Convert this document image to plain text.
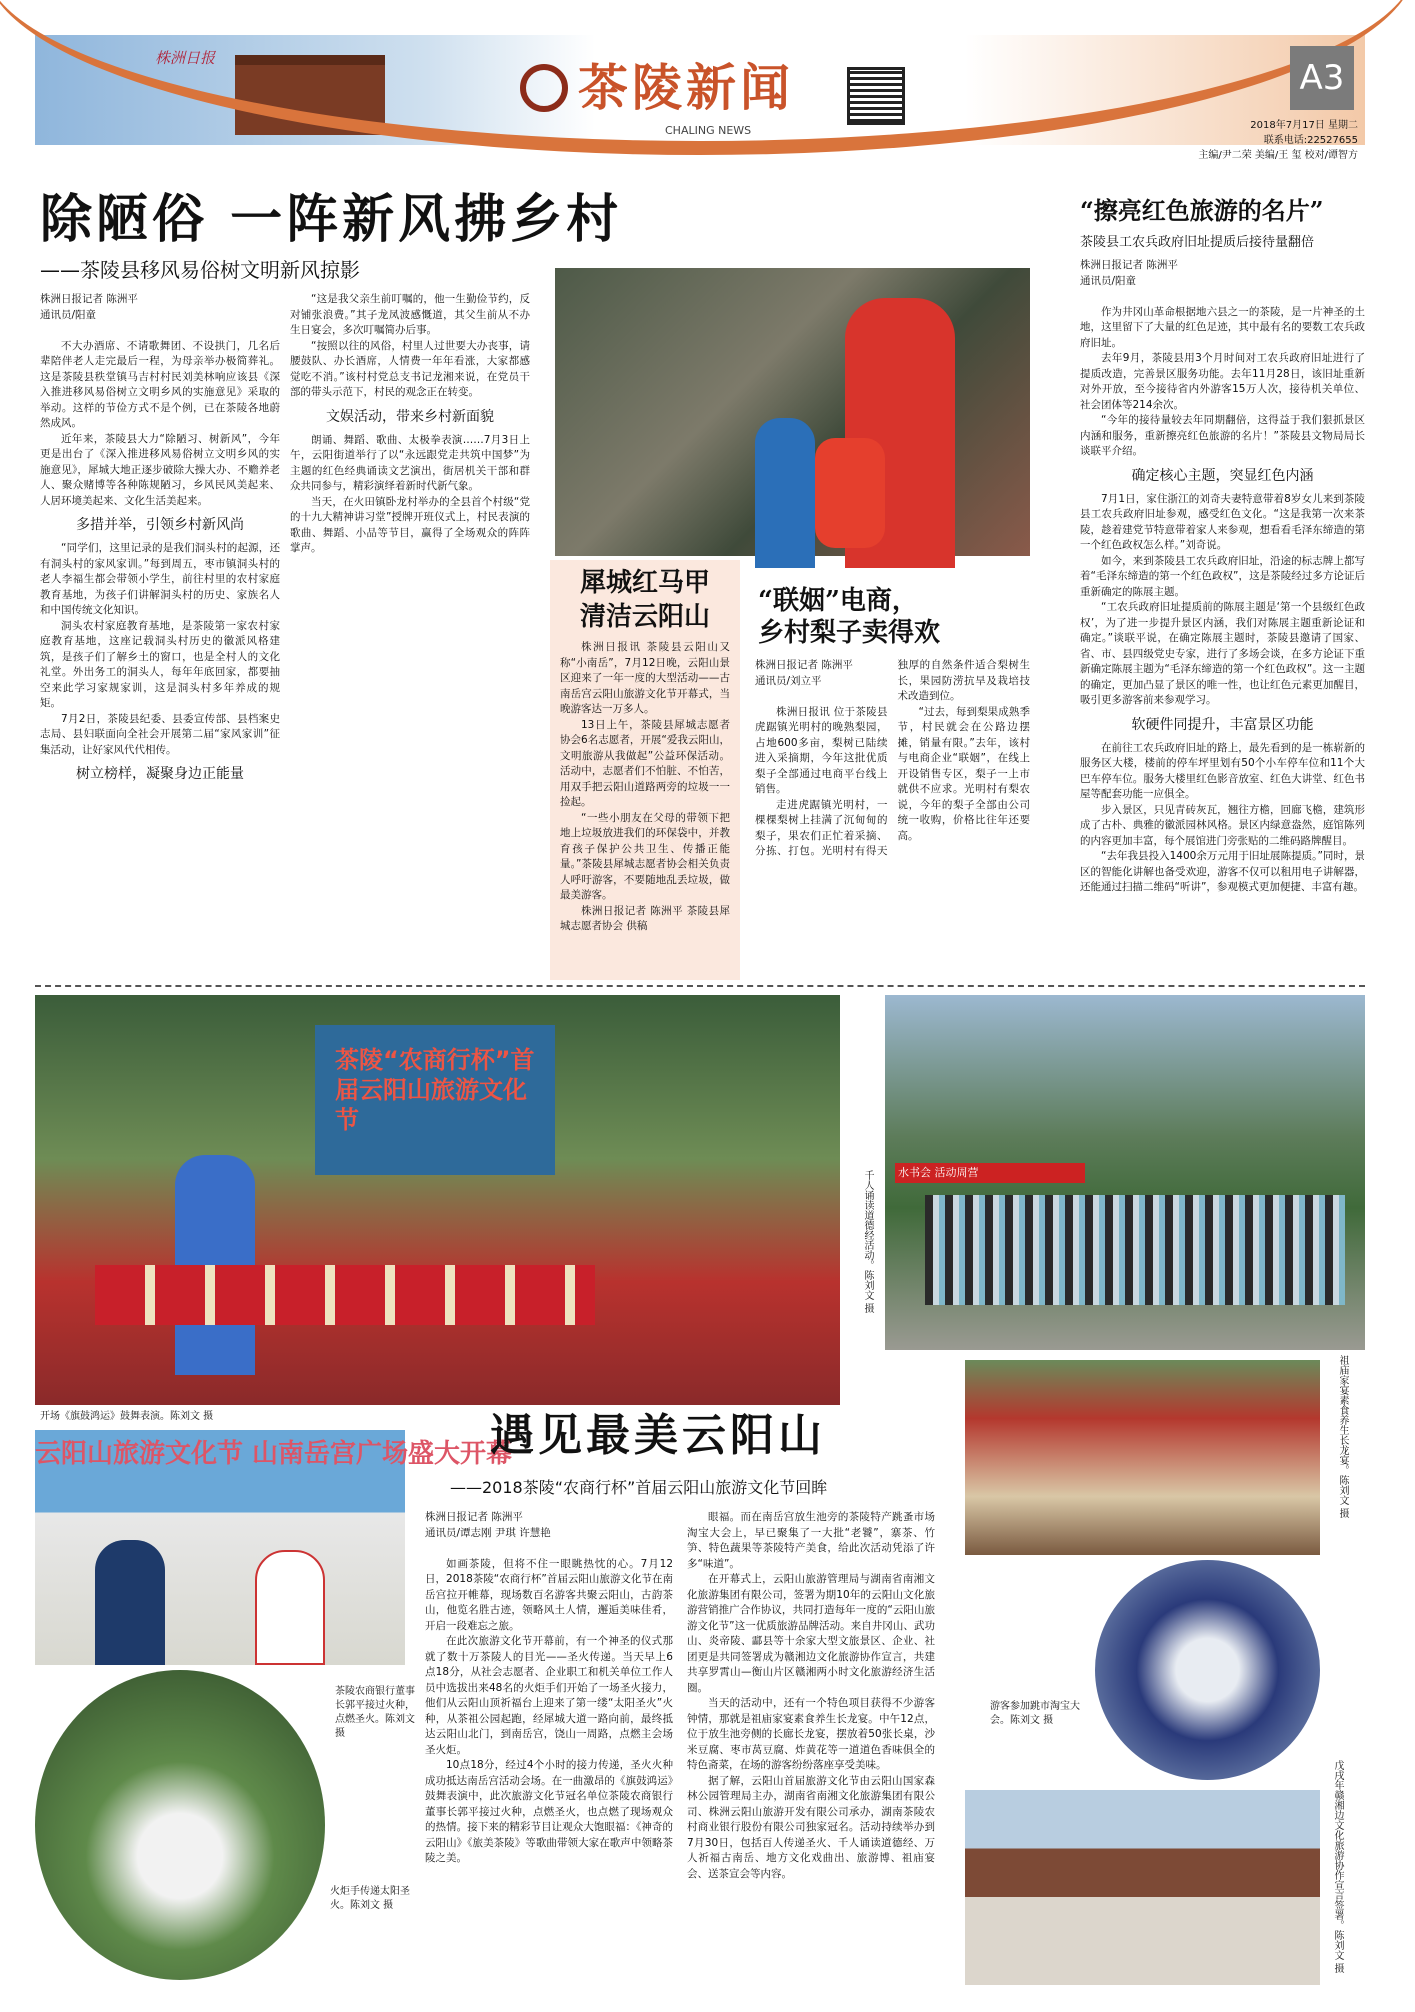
株洲日报
茶陵新闻
CHALING NEWS
A3
2018年7月17日 星期二
联系电话:22527655
主编/尹二荣 美编/王 玺 校对/谭智方
除陋俗 一阵新风拂乡村
——茶陵县移风易俗树文明新风掠影
株洲日报记者 陈洲平
通讯员/阳童

不大办酒席、不请歌舞团、不设拱门，几名后辈陪伴老人走完最后一程，为母亲举办极简葬礼。这是茶陵县秩堂镇马吉村村民刘美林响应该县《深入推进移风易俗树立文明乡风的实施意见》采取的举动。这样的节俭方式不是个例，已在茶陵各地蔚然成风。

近年来，茶陵县大力“除陋习、树新风”，今年更是出台了《深入推进移风易俗树立文明乡风的实施意见》，犀城大地正逐步破除大操大办、不赡养老人、聚众赌博等各种陈规陋习，乡风民风美起来、人居环境美起来、文化生活美起来。

多措并举，引领乡村新风尚

“同学们，这里记录的是我们洞头村的起源，还有洞头村的家风家训。”每到周五，枣市镇洞头村的老人李福生都会带领小学生，前往村里的农村家庭教育基地，为孩子们讲解洞头村的历史、家族名人和中国传统文化知识。

洞头农村家庭教育基地，是茶陵第一家农村家庭教育基地，这座记载洞头村历史的徽派风格建筑，是孩子们了解乡土的窗口，也是全村人的文化礼堂。外出务工的洞头人，每年年底回家，都要抽空来此学习家规家训，这是洞头村多年养成的规矩。

7月2日，茶陵县纪委、县委宣传部、县档案史志局、县妇联面向全社会开展第二届“家风家训”征集活动，让好家风代代相传。

树立榜样，凝聚身边正能量

“这是我父亲生前叮嘱的，他一生勤俭节约，反对铺张浪费。”其子龙凤波感慨道，其父生前从不办生日宴会，多次叮嘱简办后事。

“按照以往的风俗，村里人过世要大办丧事，请腰鼓队、办长酒席，人情费一年年看涨，大家都感觉吃不消。”该村村党总支书记龙湘来说，在党员干部的带头示范下，村民的观念正在转变。

文娱活动，带来乡村新面貌

朗诵、舞蹈、歌曲、太极拳表演……7月3日上午，云阳街道举行了以“永远跟党走共筑中国梦”为主题的红色经典诵读文艺演出，街居机关干部和群众共同参与，精彩演绎着新时代新气象。

当天，在火田镇卧龙村举办的全县首个村级“党的十九大精神讲习堂”授牌开班仪式上，村民表演的歌曲、舞蹈、小品等节目，赢得了全场观众的阵阵掌声。

犀城红马甲
清洁云阳山

株洲日报讯 茶陵县云阳山又称“小南岳”，7月12日晚，云阳山景区迎来了一年一度的大型活动——古南岳宫云阳山旅游文化节开幕式，当晚游客达一万多人。

13日上午，茶陵县犀城志愿者协会6名志愿者，开展“爱我云阳山，文明旅游从我做起”公益环保活动。活动中，志愿者们不怕脏、不怕苦，用双手把云阳山道路两旁的垃圾一一捡起。

“一些小朋友在父母的带领下把地上垃圾放进我们的环保袋中，并教育孩子保护公共卫生、传播正能量。”茶陵县犀城志愿者协会相关负责人呼吁游客，不要随地乱丢垃圾，做最美游客。

株洲日报记者 陈洲平 茶陵县犀城志愿者协会 供稿

“联姻”电商，
乡村梨子卖得欢
株洲日报记者 陈洲平
通讯员/刘立平

株洲日报讯 位于茶陵县虎踞镇光明村的晚熟梨园，占地600多亩，梨树已陆续进入采摘期，今年这批优质梨子全部通过电商平台线上销售。

走进虎踞镇光明村，一棵棵梨树上挂满了沉甸甸的梨子，果农们正忙着采摘、分拣、打包。光明村有得天独厚的自然条件适合梨树生长，果园防涝抗旱及栽培技术改造到位。

“过去，每到梨果成熟季节，村民就会在公路边摆摊，销量有限。”去年，该村与电商企业“联姻”，在线上开设销售专区，梨子一上市就供不应求。光明村有梨农说，今年的梨子全部由公司统一收购，价格比往年还要高。

“擦亮红色旅游的名片”
茶陵县工农兵政府旧址提质后接待量翻倍
株洲日报记者 陈洲平
通讯员/阳童

作为井冈山革命根据地六县之一的茶陵，是一片神圣的土地，这里留下了大量的红色足迹，其中最有名的要数工农兵政府旧址。

去年9月，茶陵县用3个月时间对工农兵政府旧址进行了提质改造，完善景区服务功能。去年11月28日，该旧址重新对外开放，至今接待省内外游客15万人次，接待机关单位、社会团体等214余次。

“今年的接待量较去年同期翻倍，这得益于我们狠抓景区内涵和服务，重新擦亮红色旅游的名片！”茶陵县文物局局长谈联平介绍。

确定核心主题，突显红色内涵

7月1日，家住浙江的刘奇夫妻特意带着8岁女儿来到茶陵县工农兵政府旧址参观，感受红色文化。“这是我第一次来茶陵，趁着建党节特意带着家人来参观，想看看毛泽东缔造的第一个红色政权怎么样。”刘奇说。

如今，来到茶陵县工农兵政府旧址，沿途的标志牌上都写着“毛泽东缔造的第一个红色政权”，这是茶陵经过多方论证后重新确定的陈展主题。

“工农兵政府旧址提质前的陈展主题是‘第一个县级红色政权’，为了进一步提升景区内涵，我们对陈展主题重新论证和确定。”谈联平说，在确定陈展主题时，茶陵县邀请了国家、省、市、县四级党史专家，进行了多场会谈，在多方论证下重新确定陈展主题为“毛泽东缔造的第一个红色政权”。这一主题的确定，更加凸显了景区的唯一性，也让红色元素更加醒目，吸引更多游客前来参观学习。

软硬件同提升，丰富景区功能

在前往工农兵政府旧址的路上，最先看到的是一栋崭新的服务区大楼，楼前的停车坪里划有50个小车停车位和11个大巴车停车位。服务大楼里红色影音放室、红色大讲堂、红色书屋等配套功能一应俱全。

步入景区，只见青砖灰瓦，翘往方檐，回廊飞檐，建筑形成了古朴、典雅的徽派园林风格。景区内绿意盎然，庭馆陈列的内容更加丰富，每个展馆进门旁张贴的二维码路牌醒目。

“去年我县投入1400余万元用于旧址展陈提质。”同时，景区的智能化讲解也备受欢迎，游客不仅可以租用电子讲解器，还能通过扫描二维码“听讲”，参观模式更加便捷、丰富有趣。

茶陵“农商行杯”首届云阳山旅游文化节
开场《旗鼓鸿运》鼓舞表演。陈刘文 摄
千人诵读道德经活动。陈刘文 摄 水书会 活动周营
祖庙家宴素食养生长龙宴。陈刘文 摄
云阳山旅游文化节 山南岳宫广场盛大开幕
茶陵农商银行董事长郭平接过火种，点燃圣火。陈刘文 摄
火炬手传递太阳圣火。陈刘文 摄
遇见最美云阳山
——2018茶陵“农商行杯”首届云阳山旅游文化节回眸
株洲日报记者 陈洲平
通讯员/谭志刚 尹琪 许慧艳

如画茶陵，但将不住一眼眺热忱的心。7月12日，2018茶陵“农商行杯”首届云阳山旅游文化节在南岳宫拉开帷幕，现场数百名游客共聚云阳山，古韵茶山，他览名胜古迹，领略风土人情，邂逅美味佳肴，开启一段难忘之旅。

在此次旅游文化节开幕前，有一个神圣的仪式那就了数十万茶陵人的目光——圣火传递。当天早上6点18分，从社会志愿者、企业职工和机关单位工作人员中选拔出来48名的火炬手们开始了一场圣火接力，他们从云阳山顶祈福台上迎来了第一缕“太阳圣火”火种，从茶祖公园起跑，经犀城大道一路向前，最终抵达云阳山北门，到南岳宫，饶山一周路，点燃主会场圣火炬。

10点18分，经过4个小时的接力传递，圣火火种成功抵达南岳宫活动会场。在一曲激昂的《旗鼓鸿运》鼓舞表演中，此次旅游文化节冠名单位茶陵农商银行董事长郭平接过火种，点燃圣火，也点燃了现场观众的热情。接下来的精彩节目让观众大饱眼福：《神奇的云阳山》《旅美茶陵》等歌曲带领大家在歌声中领略茶陵之美。

眼福。而在南岳宫放生池旁的茶陵特产跳蚤市场淘宝大会上，早已聚集了一大批“老饕”，寨茶、竹笋、特色蔬果等茶陵特产美食，给此次活动凭添了许多“味道”。

在开幕式上，云阳山旅游管理局与湖南省南湘文化旅游集团有限公司，签署为期10年的云阳山文化旅游营销推广合作协议，共同打造每年一度的“云阳山旅游文化节”这一优质旅游品牌活动。来自井冈山、武功山、炎帝陵、酃县等十余家大型文旅景区、企业、社团更是共同签署成为赣湘边文化旅游协作宣言，共建共享罗霄山—衡山片区赣湘两小时文化旅游经济生活圈。

当天的活动中，还有一个特色项目获得不少游客钟情，那就是祖庙家宴素食养生长龙宴。中午12点，位于放生池旁侧的长廊长龙宴，摆放着50张长桌，沙米豆腐、枣市莴豆腐、炸黄花等一道道色香味俱全的特色斋菜，在场的游客纷纷落座享受美味。

据了解，云阳山首届旅游文化节由云阳山国家森林公园管理局主办，湖南省南湘文化旅游集团有限公司、株洲云阳山旅游开发有限公司承办，湖南茶陵农村商业银行股份有限公司独家冠名。活动持续举办到7月30日，包括百人传递圣火、千人诵读道德经、万人祈福古南岳、地方文化戏曲出、旅游博、祖庙宴会、送茶宣会等内容。

游客参加跳市淘宝大会。陈刘文 摄
戊戌年赣湘边文化旅游协作宣言签署。陈刘文 摄
